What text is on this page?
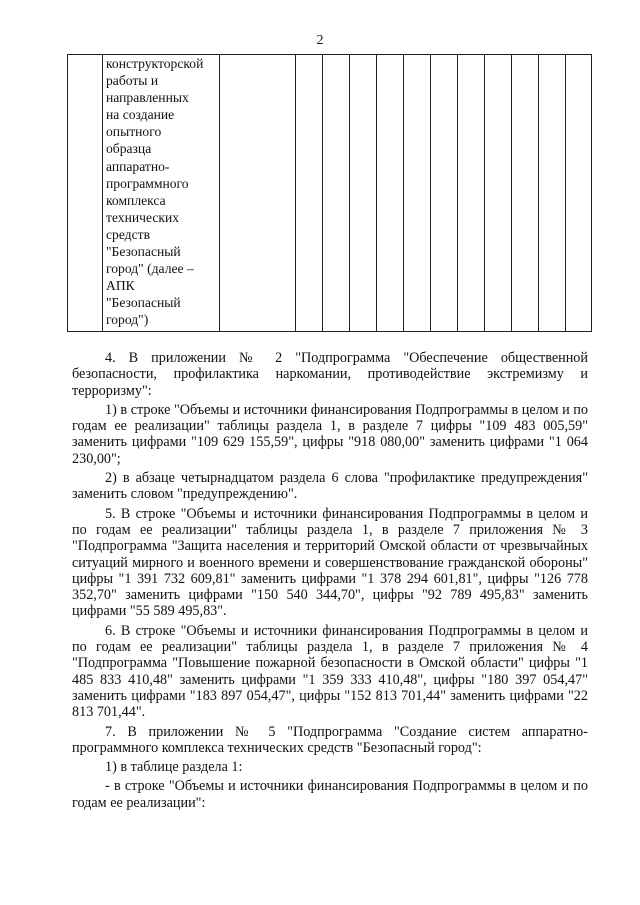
2

конструкторской
работы и
направленных
на создание
опытного
образца
аппаратно-
программного
комплекса
технических
средств
"Безопасный
город" (далее –
АПК
"Безопасный
город")

4. В приложении № 2 "Подпрограмма "Обеспечение общественной безопасности, профилактика наркомании, противодействие экстремизму и терроризму":

1) в строке "Объемы и источники финансирования Подпрограммы в целом и по годам ее реализации" таблицы раздела 1, в разделе 7 цифры "109 483 005,59" заменить цифрами "109 629 155,59", цифры "918 080,00" заменить цифрами "1 064 230,00";

2) в абзаце четырнадцатом раздела 6 слова "профилактике предупреждения" заменить словом "предупреждению".

5. В строке "Объемы и источники финансирования Подпрограммы в целом и по годам ее реализации" таблицы раздела 1, в разделе 7 приложения № 3 "Подпрограмма "Защита населения и территорий Омской области от чрезвычайных ситуаций мирного и военного времени и совершенствование гражданской обороны" цифры "1 391 732 609,81" заменить цифрами "1 378 294 601,81", цифры "126 778 352,70" заменить цифрами "150 540 344,70", цифры "92 789 495,83" заменить цифрами "55 589 495,83".

6. В строке "Объемы и источники финансирования Подпрограммы в целом и по годам ее реализации" таблицы раздела 1, в разделе 7 приложения № 4 "Подпрограмма "Повышение пожарной безопасности в Омской области" цифры "1 485 833 410,48" заменить цифрами "1 359 333 410,48", цифры "180 397 054,47" заменить цифрами "183 897 054,47", цифры "152 813 701,44" заменить цифрами "22 813 701,44".

7. В приложении № 5 "Подпрограмма "Создание систем аппаратно-программного комплекса технических средств "Безопасный город":

1) в таблице раздела 1:

- в строке "Объемы и источники финансирования Подпрограммы в целом и по годам ее реализации":
